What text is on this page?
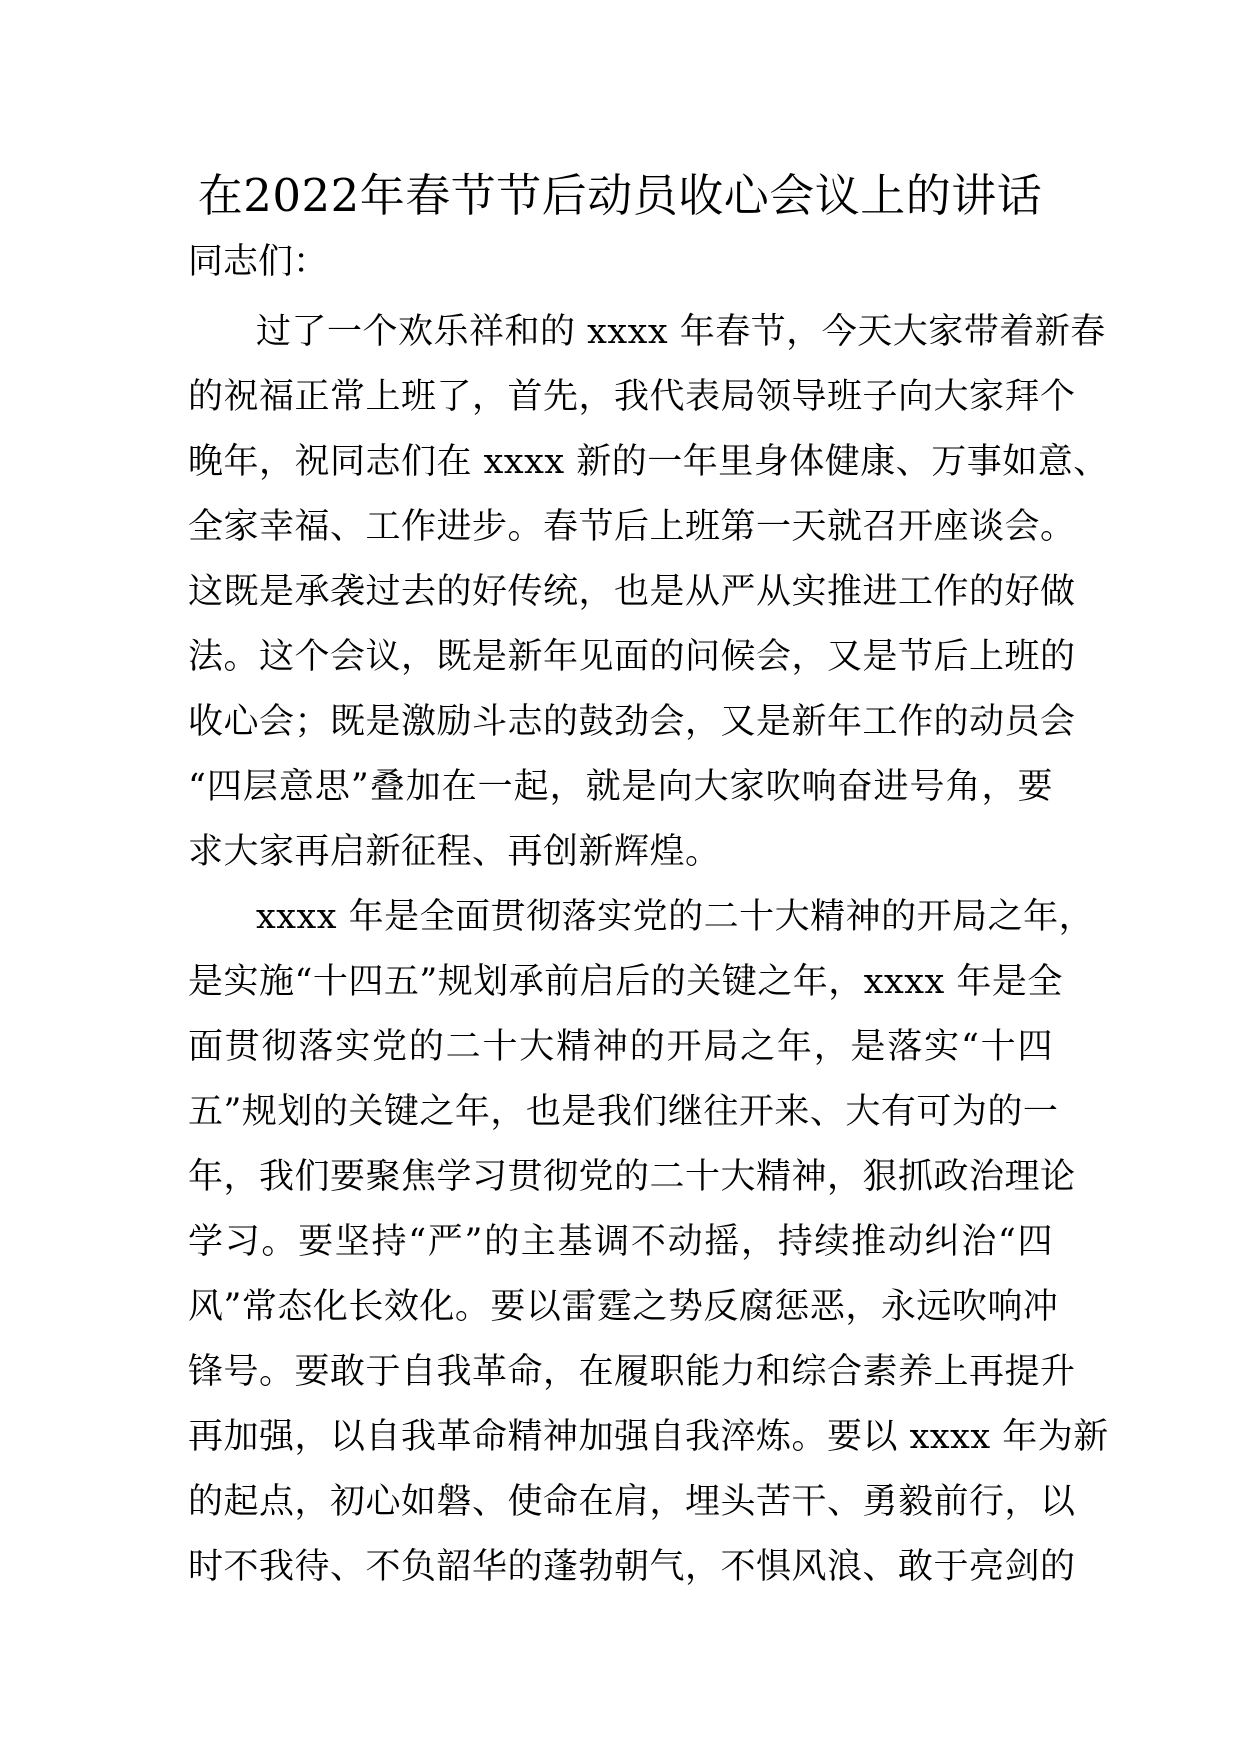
在2022年春节节后动员收心会议上的讲话

同志们：

过了一个欢乐祥和的 xxxx 年春节，今天大家带着新春
的祝福正常上班了，首先，我代表局领导班子向大家拜个
晚年，祝同志们在 xxxx 新的一年里身体健康、万事如意、
全家幸福、工作进步。春节后上班第一天就召开座谈会。
这既是承袭过去的好传统，也是从严从实推进工作的好做
法。这个会议，既是新年见面的问候会，又是节后上班的
收心会；既是激励斗志的鼓劲会，又是新年工作的动员会
“四层意思”叠加在一起，就是向大家吹响奋进号角，要
求大家再启新征程、再创新辉煌。
xxxx 年是全面贯彻落实党的二十大精神的开局之年，
是实施“十四五”规划承前启后的关键之年，xxxx 年是全
面贯彻落实党的二十大精神的开局之年，是落实“十四
五”规划的关键之年，也是我们继往开来、大有可为的一
年，我们要聚焦学习贯彻党的二十大精神，狠抓政治理论
学习。要坚持“严”的主基调不动摇，持续推动纠治“四
风”常态化长效化。要以雷霆之势反腐惩恶，永远吹响冲
锋号。要敢于自我革命，在履职能力和综合素养上再提升
再加强，以自我革命精神加强自我淬炼。要以 xxxx 年为新
的起点，初心如磐、使命在肩，埋头苦干、勇毅前行，以
时不我待、不负韶华的蓬勃朝气，不惧风浪、敢于亮剑的
